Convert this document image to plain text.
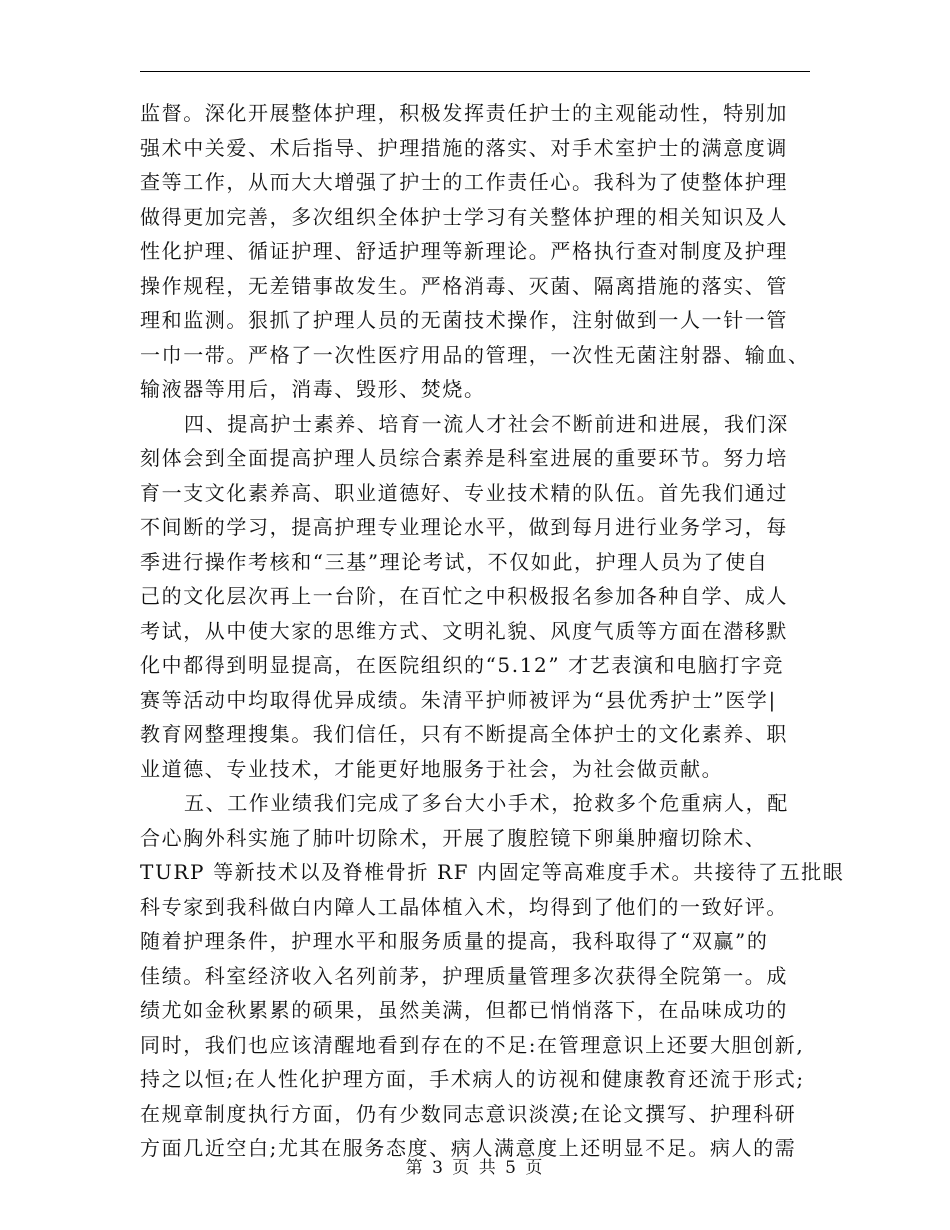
监督。深化开展整体护理，积极发挥责任护士的主观能动性，特别加
强术中关爱、术后指导、护理措施的落实、对手术室护士的满意度调
查等工作，从而大大增强了护士的工作责任心。我科为了使整体护理
做得更加完善，多次组织全体护士学习有关整体护理的相关知识及人
性化护理、循证护理、舒适护理等新理论。严格执行查对制度及护理
操作规程，无差错事故发生。严格消毒、灭菌、隔离措施的落实、管
理和监测。狠抓了护理人员的无菌技术操作，注射做到一人一针一管
一巾一带。严格了一次性医疗用品的管理，一次性无菌注射器、输血、
输液器等用后，消毒、毁形、焚烧。
四、提高护士素养、培育一流人才社会不断前进和进展，我们深
刻体会到全面提高护理人员综合素养是科室进展的重要环节。努力培
育一支文化素养高、职业道德好、专业技术精的队伍。首先我们通过
不间断的学习，提高护理专业理论水平，做到每月进行业务学习，每
季进行操作考核和“三基”理论考试，不仅如此，护理人员为了使自
己的文化层次再上一台阶，在百忙之中积极报名参加各种自学、成人
考试，从中使大家的思维方式、文明礼貌、风度气质等方面在潜移默
化中都得到明显提高，在医院组织的“5.12” 才艺表演和电脑打字竞
赛等活动中均取得优异成绩。朱清平护师被评为“县优秀护士”医学|
教育网整理搜集。我们信任，只有不断提高全体护士的文化素养、职
业道德、专业技术，才能更好地服务于社会，为社会做贡献。
五、工作业绩我们完成了多台大小手术，抢救多个危重病人，配
合心胸外科实施了肺叶切除术，开展了腹腔镜下卵巢肿瘤切除术、
TURP 等新技术以及脊椎骨折 RF 内固定等高难度手术。共接待了五批眼
科专家到我科做白内障人工晶体植入术，均得到了他们的一致好评。
随着护理条件，护理水平和服务质量的提高，我科取得了“双赢”的
佳绩。科室经济收入名列前茅，护理质量管理多次获得全院第一。成
绩尤如金秋累累的硕果，虽然美满，但都已悄悄落下，在品味成功的
同时，我们也应该清醒地看到存在的不足:在管理意识上还要大胆创新,
持之以恒;在人性化护理方面，手术病人的访视和健康教育还流于形式;
在规章制度执行方面，仍有少数同志意识淡漠;在论文撰写、护理科研
方面几近空白;尤其在服务态度、病人满意度上还明显不足。病人的需
第 3 页 共 5 页
